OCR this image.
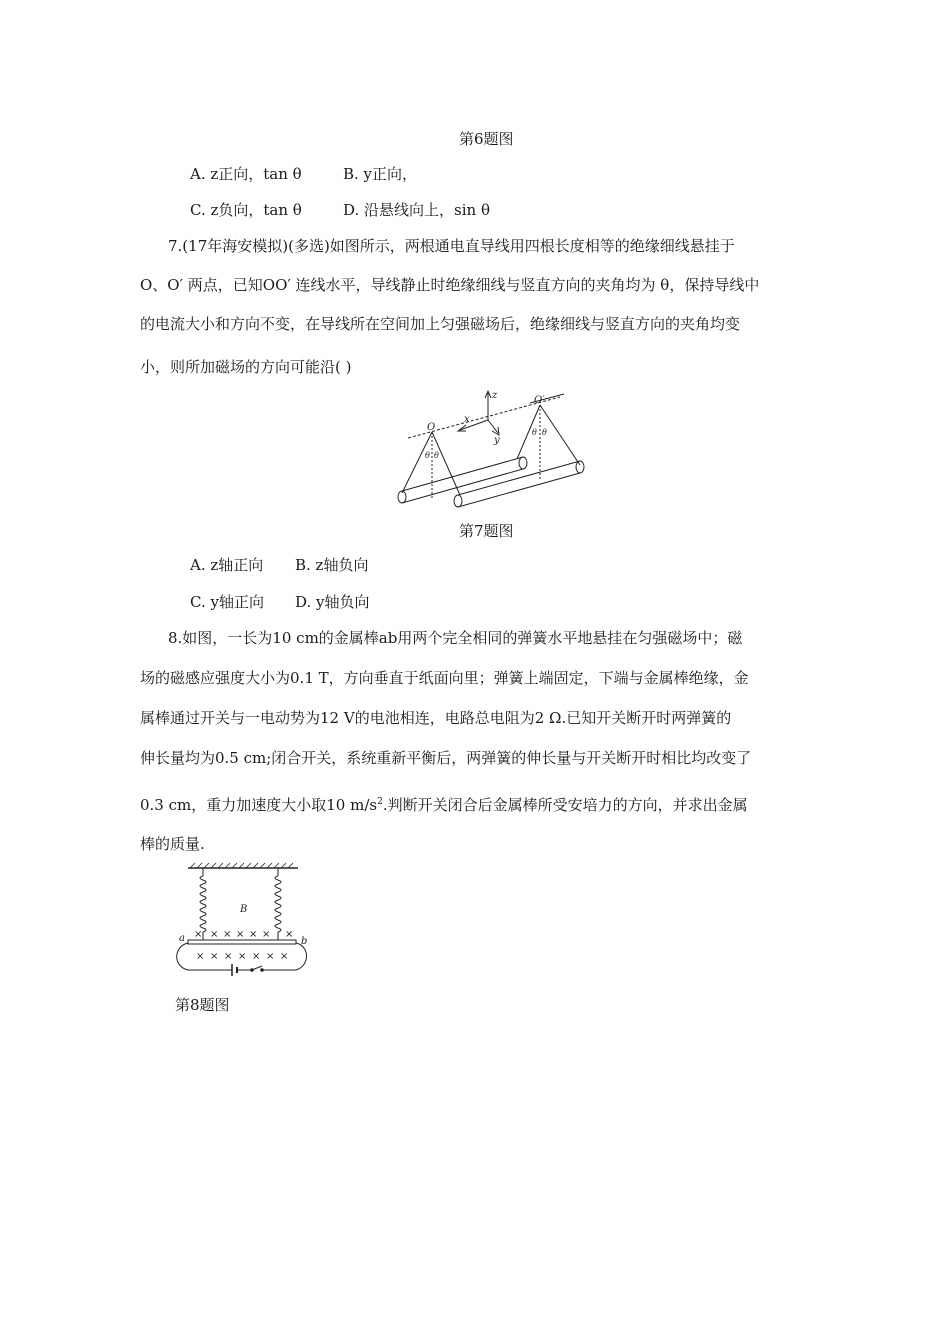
第6题图
A. z正向，tan θ	B. y正向，
C. z负向，tan θ	D. 沿悬线向上，sin θ
7.(17年海安模拟)(多选)如图所示，两根通电直导线用四根长度相等的绝缘细线悬挂于
O、O′ 两点，已知OO′ 连线水平，导线静止时绝缘细线与竖直方向的夹角均为 θ，保持导线中
的电流大小和方向不变，在导线所在空间加上匀强磁场后，绝缘细线与竖直方向的夹角均变
小，则所加磁场的方向可能沿( )
O
O′
x
y
z
θ θ
θ θ
第7题图
A. z轴正向 B. z轴负向
C. y轴正向 D. y轴负向
8.如图，一长为10 cm的金属棒ab用两个完全相同的弹簧水平地悬挂在匀强磁场中；磁
场的磁感应强度大小为0.1 T，方向垂直于纸面向里；弹簧上端固定，下端与金属棒绝缘，金
属棒通过开关与一电动势为12 V的电池相连，电路总电阻为2 Ω.已知开关断开时两弹簧的
伸长量均为0.5 cm;闭合开关，系统重新平衡后，两弹簧的伸长量与开关断开时相比均改变了
0.3 cm，重力加速度大小取10 $m/s^2$.判断开关闭合后金属棒所受安培力的方向，并求出金属
棒的质量.
B
a	b
× × × × × × ×
× × × × × × ×
第8题图
